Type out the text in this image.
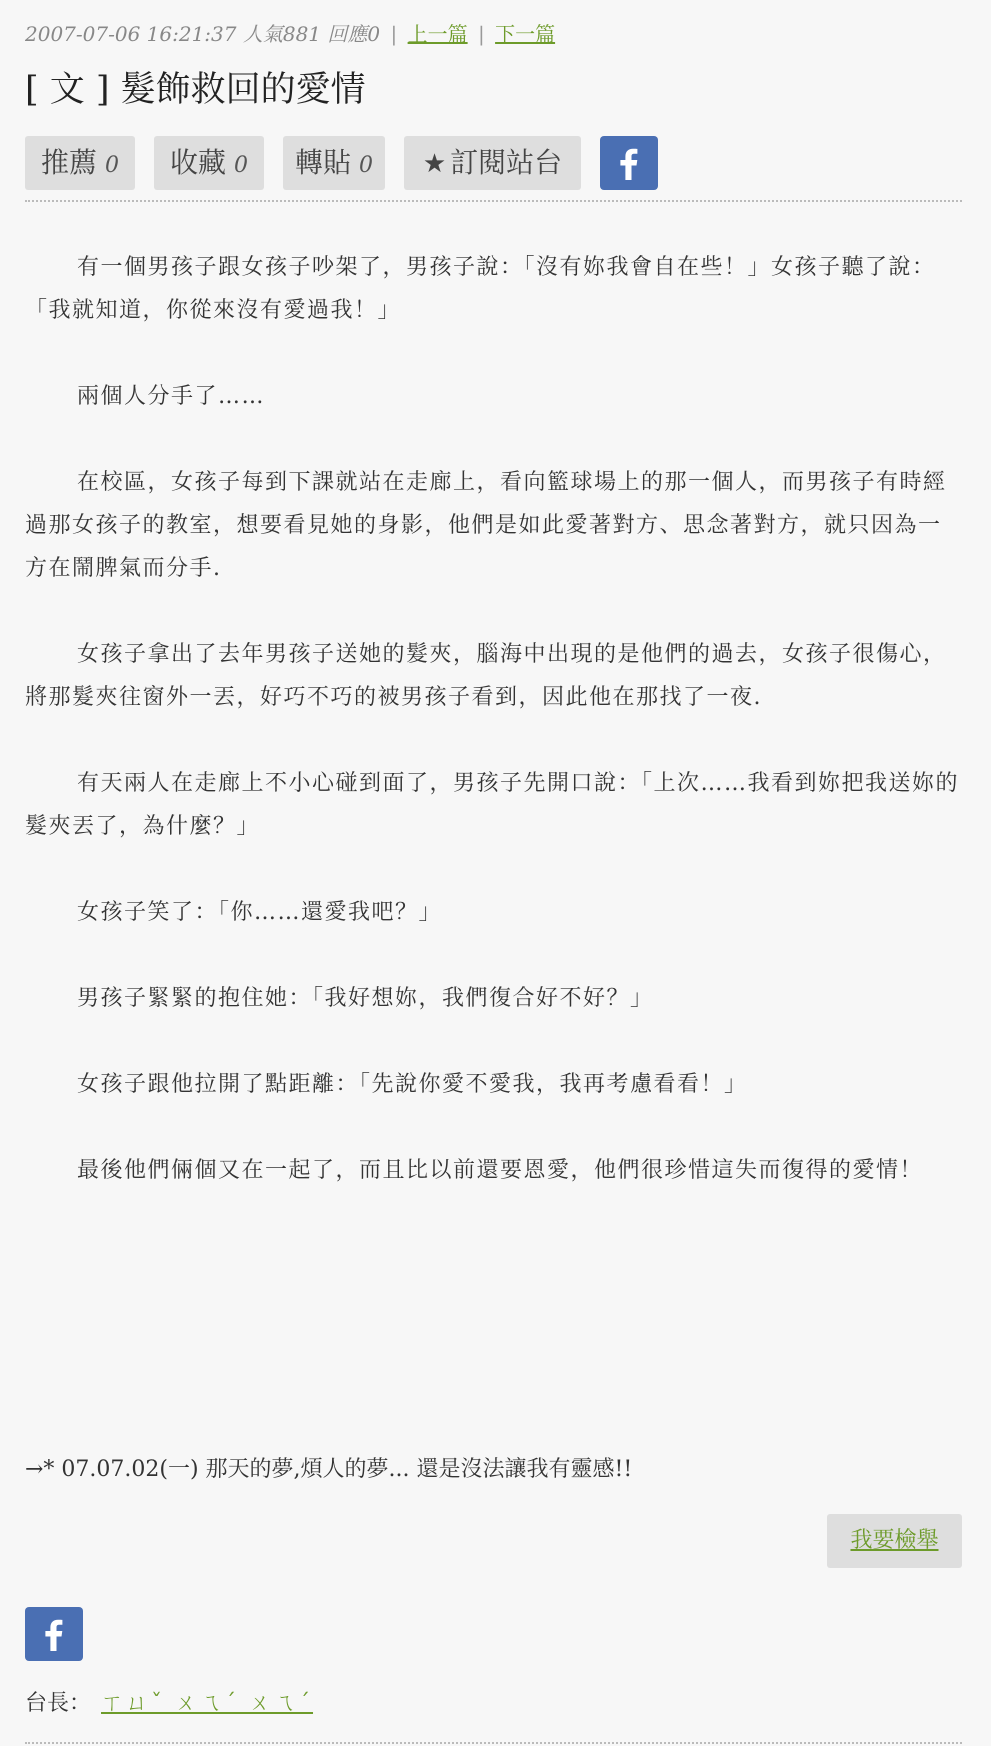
2007-07-06 16:21:37 人氣881 回應0 | 上一篇 | 下一篇
[ 文 ] 髮飾救回的愛情
推薦 0	收藏 0	轉貼 0	★ 訂閱站台

有一個男孩子跟女孩子吵架了，男孩子說：「沒有妳我會自在些！」女孩子聽了說：「我就知道，你從來沒有愛過我！」

兩個人分手了……

在校區，女孩子每到下課就站在走廊上，看向籃球場上的那一個人，而男孩子有時經過那女孩子的教室，想要看見她的身影，他們是如此愛著對方、思念著對方，就只因為一方在鬧脾氣而分手.

女孩子拿出了去年男孩子送她的髮夾，腦海中出現的是他們的過去，女孩子很傷心，將那髮夾往窗外一丟，好巧不巧的被男孩子看到，因此他在那找了一夜.

有天兩人在走廊上不小心碰到面了，男孩子先開口說：「上次……我看到妳把我送妳的髮夾丟了，為什麼？」

女孩子笑了：「你……還愛我吧？」

男孩子緊緊的抱住她：「我好想妳，我們復合好不好？」

女孩子跟他拉開了點距離：「先說你愛不愛我，我再考慮看看！」

最後他們倆個又在一起了，而且比以前還要恩愛，他們很珍惜這失而復得的愛情！

→* 07.07.02(一) 那天的夢,煩人的夢... 還是沒法讓我有靈感!!
我要檢舉
台長： ㄒㄩˇ ㄨㄟˊ ㄨㄟˊ
